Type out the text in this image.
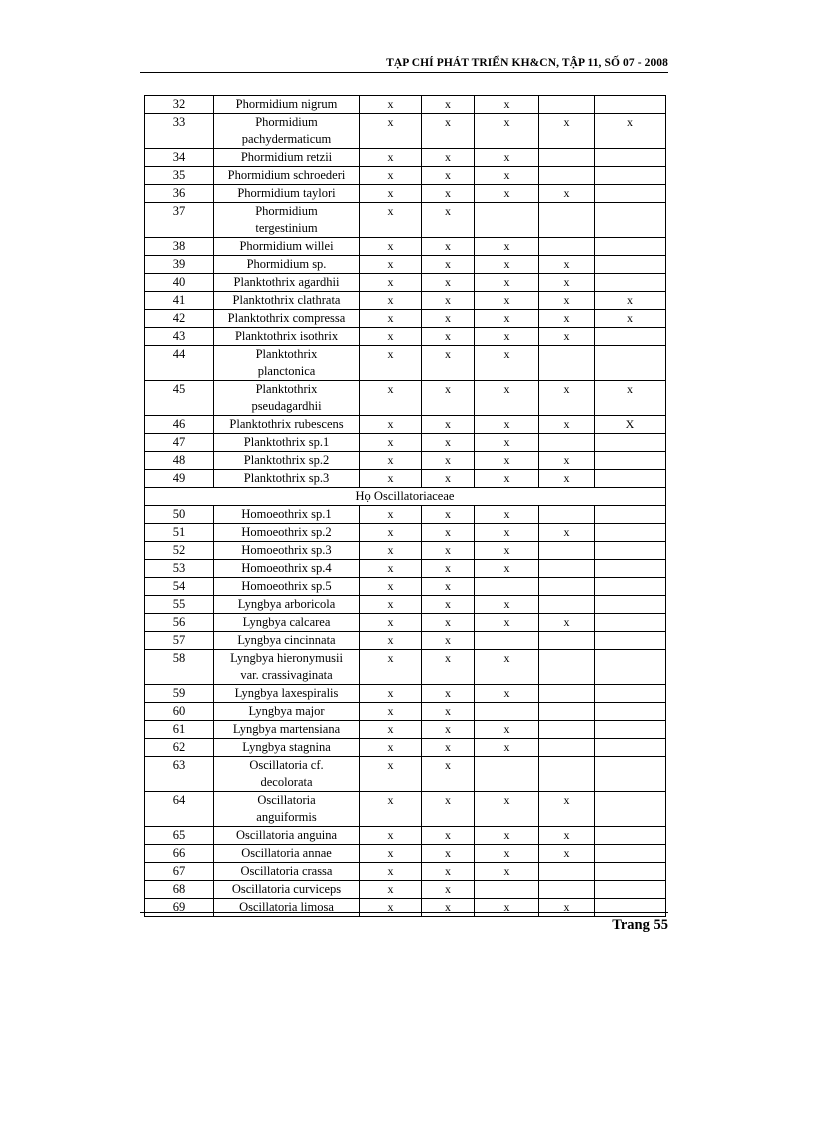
TẠP CHÍ PHÁT TRIỂN KH&CN, TẬP 11, SỐ 07 - 2008
32	Phormidium nigrum	x	x	x		
33	Phormidium
pachydermaticum	x	x	x	x	x
34	Phormidium retzii	x	x	x		
35	Phormidium schroederi	x	x	x		
36	Phormidium taylori	x	x	x	x	
37	Phormidium
tergestinium	x	x			
38	Phormidium willei	x	x	x		
39	Phormidium sp.	x	x	x	x	
40	Planktothrix agardhii	x	x	x	x	
41	Planktothrix clathrata	x	x	x	x	x
42	Planktothrix compressa	x	x	x	x	x
43	Planktothrix isothrix	x	x	x	x	
44	Planktothrix
planctonica	x	x	x		
45	Planktothrix
pseudagardhii	x	x	x	x	x
46	Planktothrix rubescens	x	x	x	x	X
47	Planktothrix sp.1	x	x	x		
48	Planktothrix sp.2	x	x	x	x	
49	Planktothrix sp.3	x	x	x	x	
Họ Oscillatoriaceae						
50	Homoeothrix sp.1	x	x	x		
51	Homoeothrix sp.2	x	x	x	x	
52	Homoeothrix sp.3	x	x	x		
53	Homoeothrix sp.4	x	x	x		
54	Homoeothrix sp.5	x	x			
55	Lyngbya arboricola	x	x	x		
56	Lyngbya calcarea	x	x	x	x	
57	Lyngbya cincinnata	x	x			
58	Lyngbya hieronymusii
var. crassivaginata	x	x	x		
59	Lyngbya laxespiralis	x	x	x		
60	Lyngbya major	x	x			
61	Lyngbya martensiana	x	x	x		
62	Lyngbya stagnina	x	x	x		
63	Oscillatoria cf.
decolorata	x	x			
64	Oscillatoria
anguiformis	x	x	x	x	
65	Oscillatoria anguina	x	x	x	x	
66	Oscillatoria annae	x	x	x	x	
67	Oscillatoria crassa	x	x	x		
68	Oscillatoria curviceps	x	x			
69	Oscillatoria limosa	x	x	x	x	
Trang 55
